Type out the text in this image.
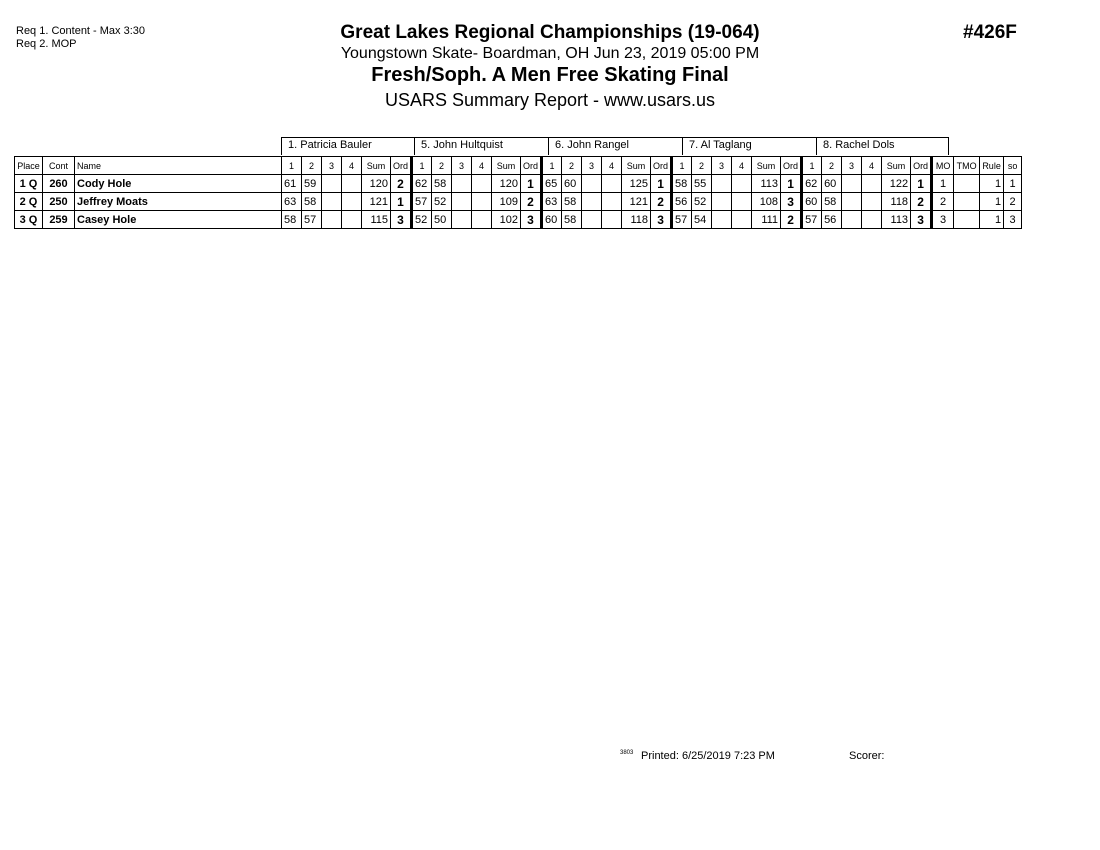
Req 1. Content - Max 3:30
Req 2. MOP
Great Lakes Regional Championships (19-064)
Youngstown Skate- Boardman, OH Jun 23, 2019 05:00 PM
Fresh/Soph. A Men Free Skating Final
USARS Summary Report - www.usars.us
#426F
1. Patricia Bauler	5. John Hultquist	6. John Rangel	7. Al Taglang	8. Rachel Dols
Place	Cont	Name	1	2	3	4	Sum	Ord	1	2	3	4	Sum	Ord	1	2	3	4	Sum	Ord	1	2	3	4	Sum	Ord	1	2	3	4	Sum	Ord	MO	TMO	Rule	so
1 Q	260	Cody Hole	61	59			120	2	62	58			120	1	65	60			125	1	58	55			113	1	62	60			122	1	1		1	1
2 Q	250	Jeffrey Moats	63	58			121	1	57	52			109	2	63	58			121	2	56	52			108	3	60	58			118	2	2		1	2
3 Q	259	Casey Hole	58	57			115	3	52	50			102	3	60	58			118	3	57	54			111	2	57	56			113	3	3		1	3
3803 Printed: 6/25/2019 7:23 PM	Scorer:
